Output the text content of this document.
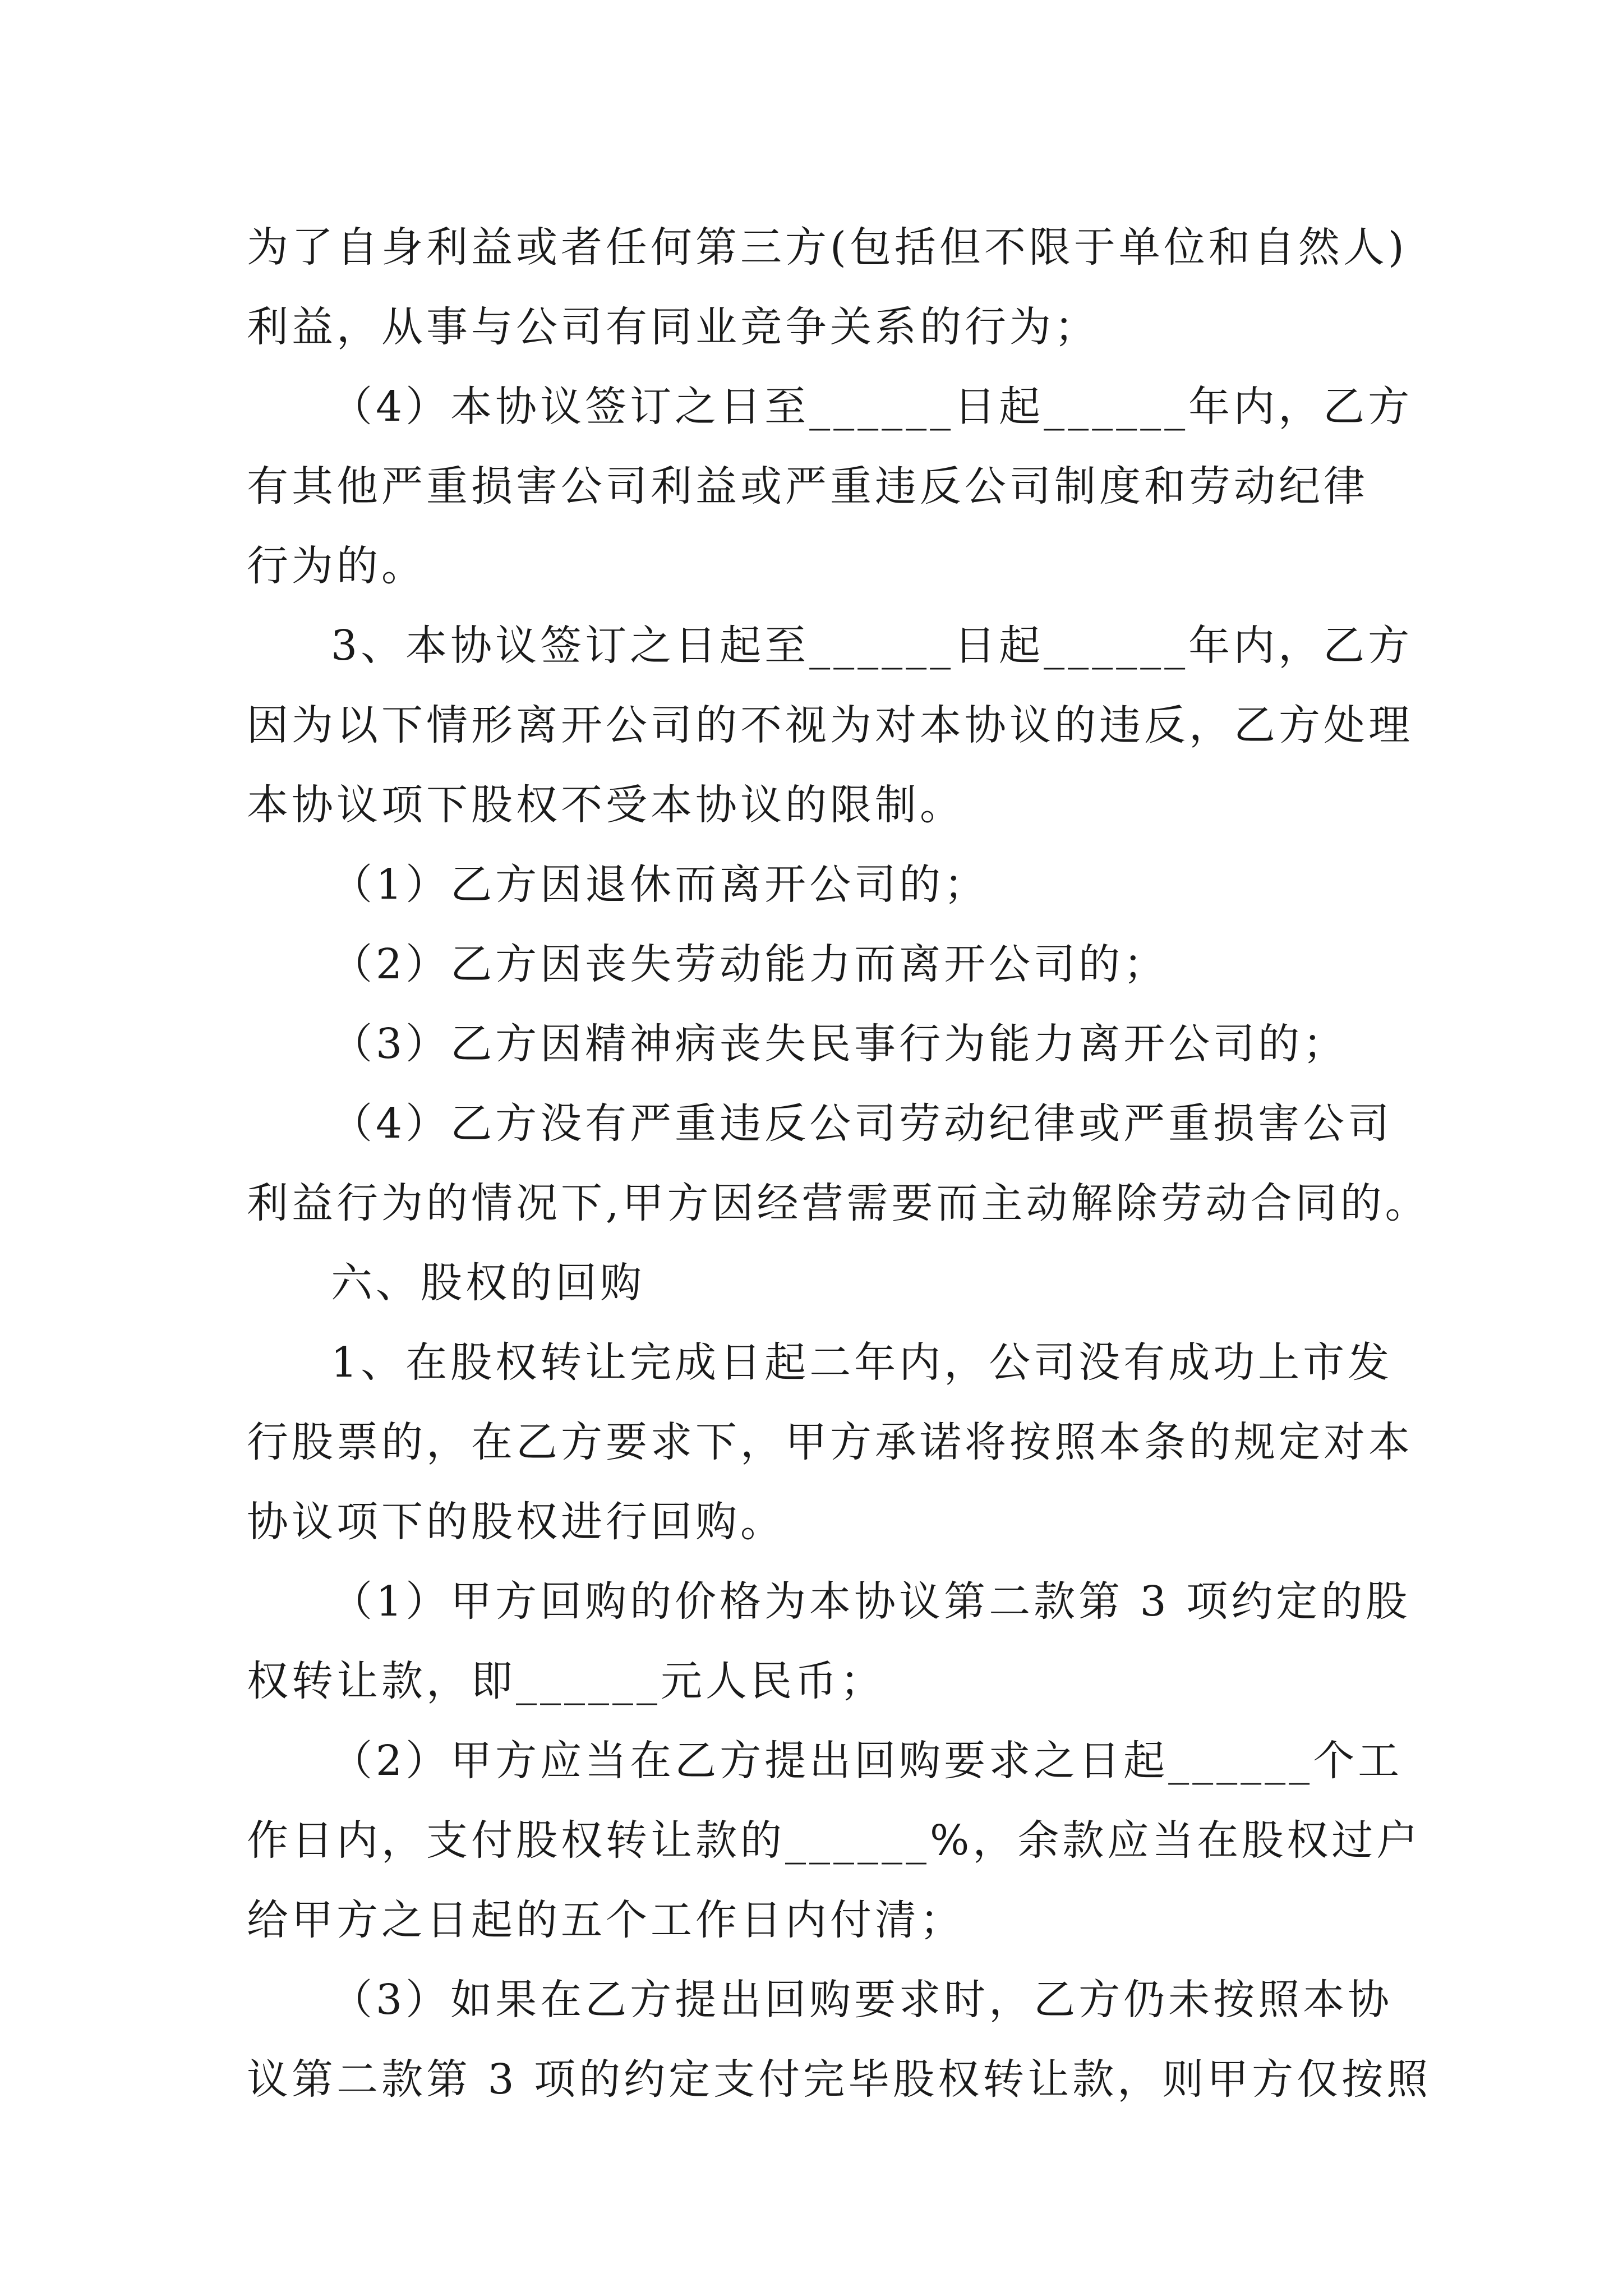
为了自身利益或者任何第三方(包括但不限于单位和自然人)
利益，从事与公司有同业竞争关系的行为；
（4）本协议签订之日至______日起______年内，乙方
有其他严重损害公司利益或严重违反公司制度和劳动纪律
行为的。
3、本协议签订之日起至______日起______年内，乙方
因为以下情形离开公司的不视为对本协议的违反，乙方处理
本协议项下股权不受本协议的限制。
（1）乙方因退休而离开公司的；
（2）乙方因丧失劳动能力而离开公司的；
（3）乙方因精神病丧失民事行为能力离开公司的；
（4）乙方没有严重违反公司劳动纪律或严重损害公司
利益行为的情况下,甲方因经营需要而主动解除劳动合同的。
六、股权的回购
1、在股权转让完成日起二年内，公司没有成功上市发
行股票的，在乙方要求下，甲方承诺将按照本条的规定对本
协议项下的股权进行回购。
（1）甲方回购的价格为本协议第二款第 3 项约定的股
权转让款，即______元人民币；
（2）甲方应当在乙方提出回购要求之日起______个工
作日内，支付股权转让款的______%，余款应当在股权过户
给甲方之日起的五个工作日内付清；
（3）如果在乙方提出回购要求时，乙方仍未按照本协
议第二款第 3 项的约定支付完毕股权转让款，则甲方仅按照
